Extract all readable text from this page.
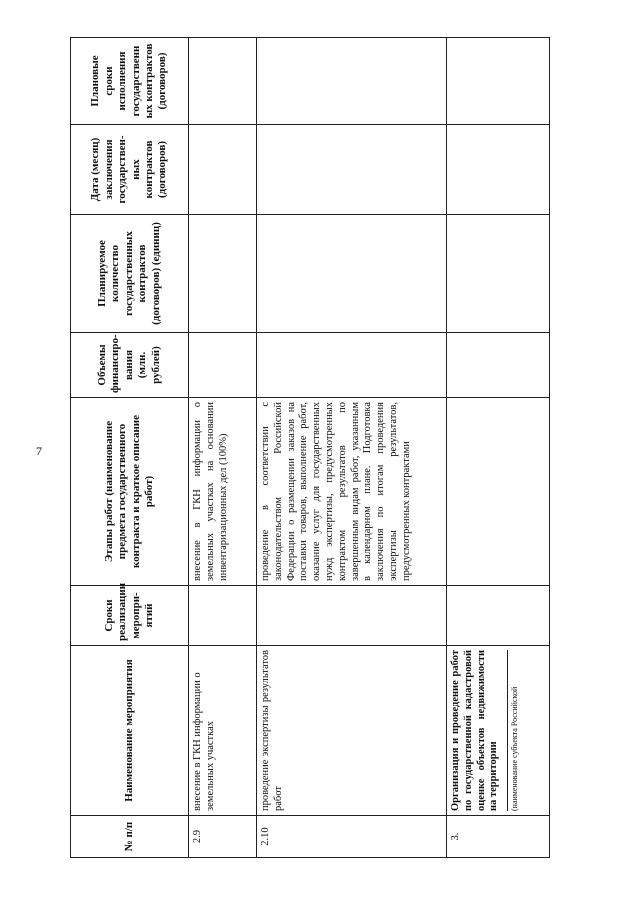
7
№ п/п	Наименование мероприятия	Сроки реализации меропри-ятий	Этапы работ (наименование предмета государственного контракта и краткое описание работ)	Объемы финансиро-вания (млн. рублей)	Планируемое количество государственных контрактов (договоров) (единиц)	Дата (месяц) заключения государствен-ных контрактов (договоров)	Плановые сроки исполнения государственн ых контрактов (договоров)
2.9	внесение в ГКН информации о земельных участках		внесение в ГКН информации о земельных участках на основании инвентаризационных дел (100%)				
2.10	проведение экспертизы результатов работ		проведение в соответствии с законодательством Российской Федерации о размещении заказов на поставки товаров, выполнение работ, оказание услуг для государственных нужд экспертизы, предусмотренных контрактом результатов по завершенным видам работ, указанным в календарном плане. Подготовка заключения по итогам проведения экспертизы результатов, предусмотренных контрактами				
3.	Организация и проведение работ по государственной кадастровой оценке объектов недвижимости на территории (наименование субъекта Российской						
